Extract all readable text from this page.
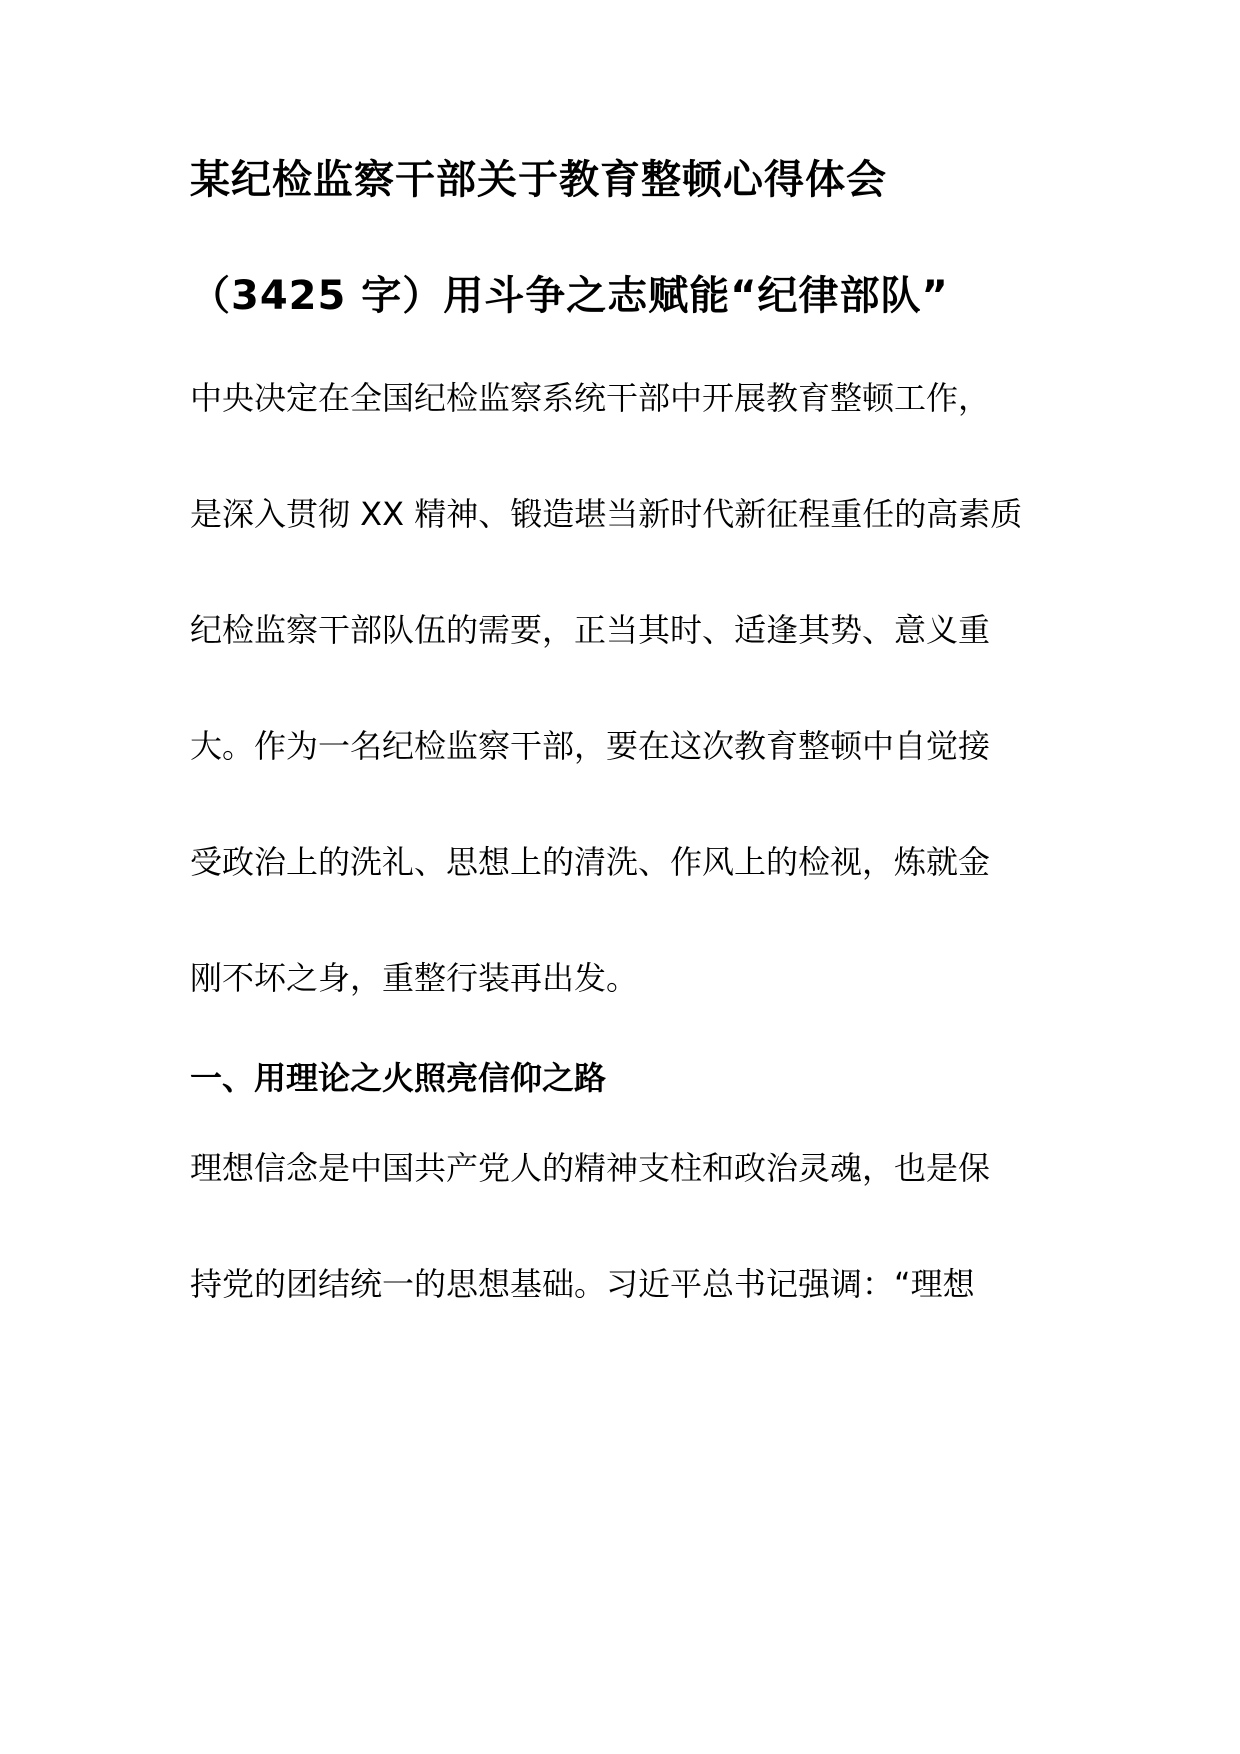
某纪检监察干部关于教育整顿心得体会
（3425 字）用斗争之志赋能“纪律部队”
中央决定在全国纪检监察系统干部中开展教育整顿工作，
是深入贯彻 XX 精神、锻造堪当新时代新征程重任的高素质
纪检监察干部队伍的需要，正当其时、适逢其势、意义重
大。作为一名纪检监察干部，要在这次教育整顿中自觉接
受政治上的洗礼、思想上的清洗、作风上的检视，炼就金
刚不坏之身，重整行装再出发。
一、用理论之火照亮信仰之路
理想信念是中国共产党人的精神支柱和政治灵魂，也是保
持党的团结统一的思想基础。习近平总书记强调：“理想
